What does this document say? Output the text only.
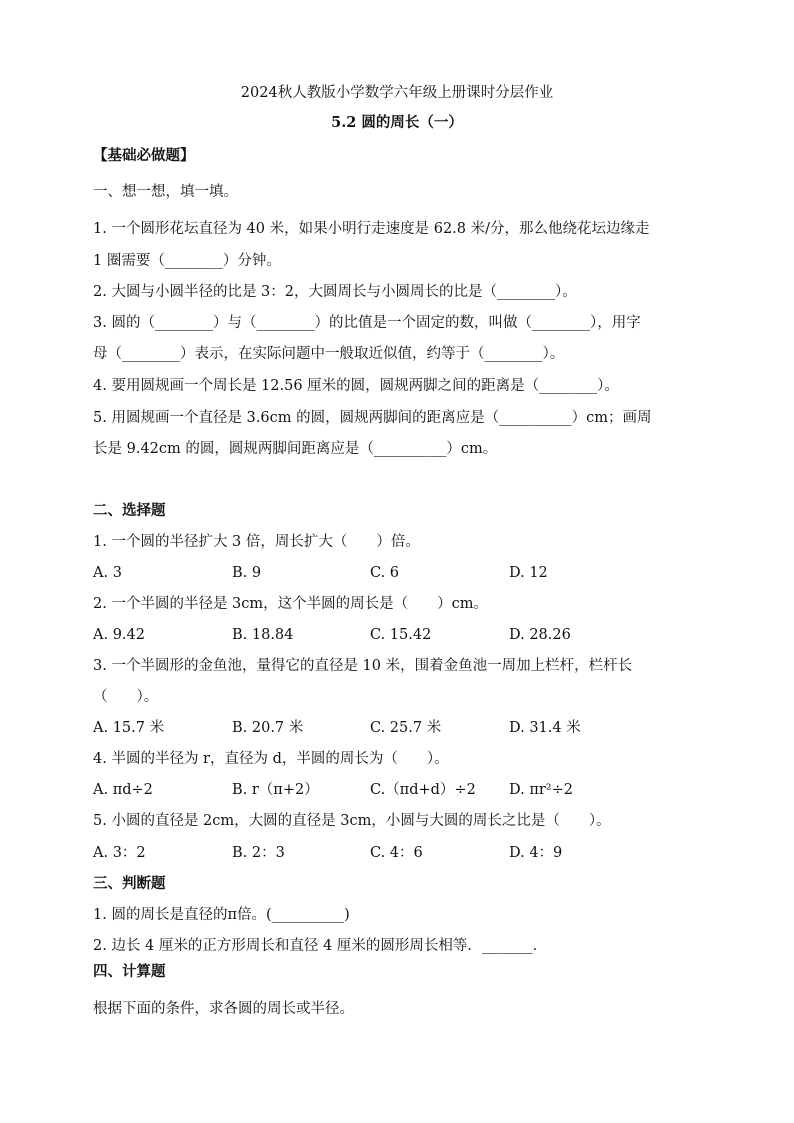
2024秋人教版小学数学六年级上册课时分层作业
5.2 圆的周长（一）
【基础必做题】
一、想一想，填一填。
1. 一个圆形花坛直径为 40 米，如果小明行走速度是 62.8 米/分，那么他绕花坛边缘走
1 圈需要（________）分钟。
2. 大圆与小圆半径的比是 3：2，大圆周长与小圆周长的比是（________）。
3. 圆的（________）与（________）的比值是一个固定的数，叫做（________），用字
母（________）表示，在实际问题中一般取近似值，约等于（________）。
4. 要用圆规画一个周长是 12.56 厘米的圆，圆规两脚之间的距离是（________）。
5. 用圆规画一个直径是 3.6cm 的圆，圆规两脚间的距离应是（__________）cm；画周
长是 9.42cm 的圆，圆规两脚间距离应是（__________）cm。
二、选择题
1. 一个圆的半径扩大 3 倍，周长扩大（　　）倍。
A. 3	B. 9	C. 6	D. 12
2. 一个半圆的半径是 3cm，这个半圆的周长是（　　）cm。
A. 9.42	B. 18.84	C. 15.42	D. 28.26
3. 一个半圆形的金鱼池，量得它的直径是 10 米，围着金鱼池一周加上栏杆，栏杆长
（　　）。
A. 15.7 米	B. 20.7 米	C. 25.7 米	D. 31.4 米
4. 半圆的半径为 r，直径为 d，半圆的周长为（　　）。
A. πd÷2	B. r（π+2）	C.（πd+d）÷2 D. πr²÷2
5. 小圆的直径是 2cm，大圆的直径是 3cm，小圆与大圆的周长之比是（　　）。
A. 3：2	B. 2：3	C. 4：6	D. 4：9
三、判断题
1. 圆的周长是直径的π倍。(__________)
2. 边长 4 厘米的正方形周长和直径 4 厘米的圆形周长相等．_______．
四、计算题
根据下面的条件，求各圆的周长或半径。
